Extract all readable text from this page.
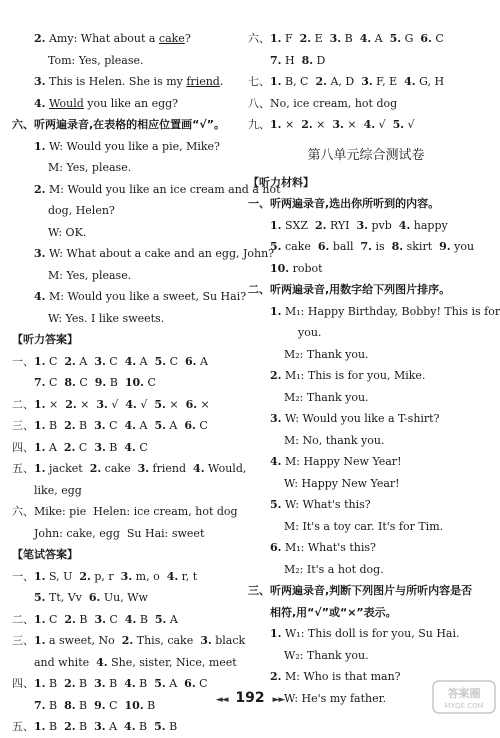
2. Amy: What about a cake?
Tom: Yes, please.
3. This is Helen. She is my friend.
4. Would you like an egg?
六、听两遍录音,在表格的相应位置画“√”。
1. W: Would you like a pie, Mike?
M: Yes, please.
2. M: Would you like an ice cream and a hot
dog, Helen?
W: OK.
3. W: What about a cake and an egg, John?
M: Yes, please.
4. M: Would you like a sweet, Su Hai?
W: Yes. I like sweets.
【听力答案】
一、1. C  2. A  3. C  4. A  5. C  6. A
7. C  8. C  9. B  10. C
二、1. ×  2. ×  3. √  4. √  5. ×  6. ×
三、1. B  2. B  3. C  4. A  5. A  6. C
四、1. A  2. C  3. B  4. C
五、1. jacket  2. cake  3. friend  4. Would,
like, egg
六、Mike: pie  Helen: ice cream, hot dog
John: cake, egg  Su Hai: sweet
【笔试答案】
一、1. S, U  2. p, r  3. m, o  4. r, t
5. Tt, Vv  6. Uu, Ww
二、1. C  2. B  3. C  4. B  5. A
三、1. a sweet, No  2. This, cake  3. black
and white  4. She, sister, Nice, meet
四、1. B  2. B  3. B  4. B  5. A  6. C
7. B  8. B  9. C  10. B
五、1. B  2. B  3. A  4. B  5. B
六、1. F  2. E  3. B  4. A  5. G  6. C
7. H  8. D
七、1. B, C  2. A, D  3. F, E  4. G, H
八、No, ice cream, hot dog
九、1. ×  2. ×  3. ×  4. √  5. √
第八单元综合测试卷
【听力材料】
一、听两遍录音,选出你所听到的内容。
1. SXZ  2. RYI  3. pvb  4. happy
5. cake  6. ball  7. is  8. skirt  9. you
10. robot
二、听两遍录音,用数字给下列图片排序。
1. M₁: Happy Birthday, Bobby! This is for
you.
M₂: Thank you.
2. M₁: This is for you, Mike.
M₂: Thank you.
3. W: Would you like a T-shirt?
M: No, thank you.
4. M: Happy New Year!
W: Happy New Year!
5. W: What's this?
M: It's a toy car. It's for Tim.
6. M₁: What's this?
M₂: It's a hot dog.
三、听两遍录音,判断下列图片与所听内容是否
相符,用“√”或“×”表示。
1. W₁: This doll is for you, Su Hai.
W₂: Thank you.
2. M: Who is that man?
W: He's my father.
◄◄ 192 ►►	答案圈
MXQE.COM
